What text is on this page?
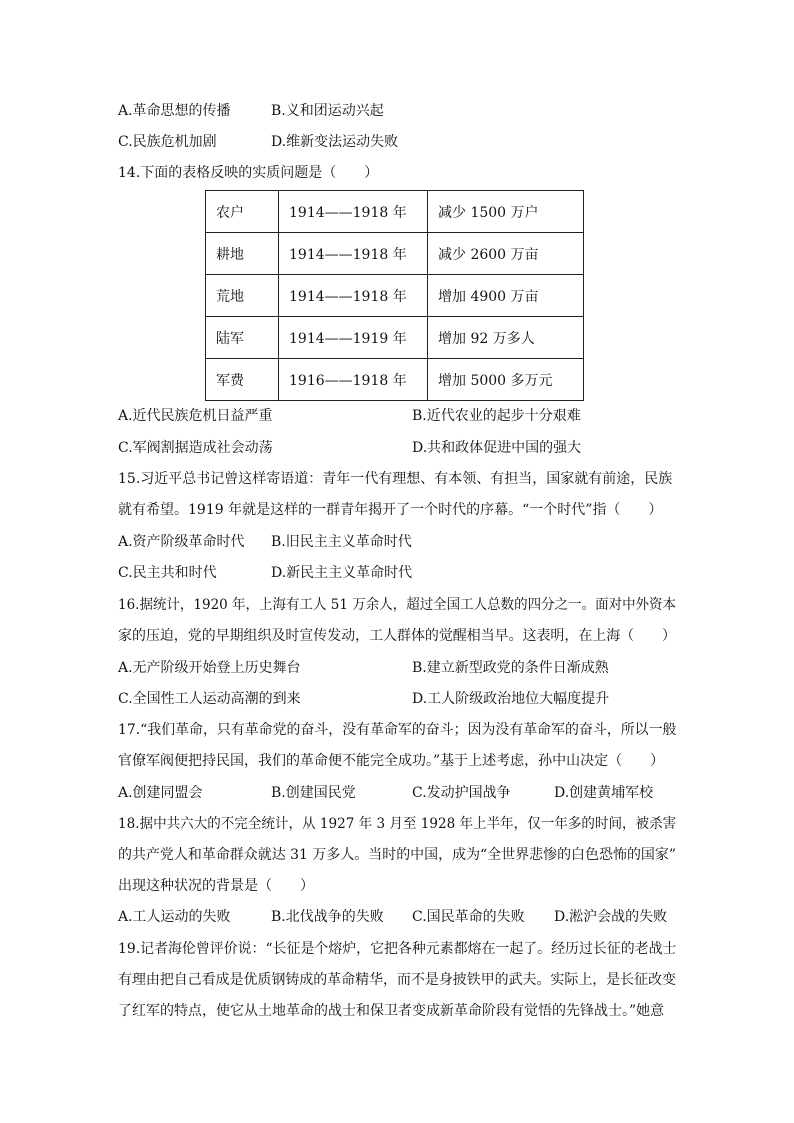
A.革命思想的传播	B.义和团运动兴起
C.民族危机加剧	D.维新变法运动失败
14.下面的表格反映的实质问题是（　　）
农户	1914——1918 年	减少 1500 万户
耕地	1914——1918 年	减少 2600 万亩
荒地	1914——1918 年	增加 4900 万亩
陆军	1914——1919 年	增加 92 万多人
军费	1916——1918 年	增加 5000 多万元
A.近代民族危机日益严重	B.近代农业的起步十分艰难
C.军阀割据造成社会动荡	D.共和政体促进中国的强大
15.习近平总书记曾这样寄语道：青年一代有理想、有本领、有担当，国家就有前途，民族
就有希望。1919 年就是这样的一群青年揭开了一个时代的序幕。“一个时代”指（　　）
A.资产阶级革命时代 B.旧民主主义革命时代
C.民主共和时代	D.新民主主义革命时代
16.据统计，1920 年，上海有工人 51 万余人，超过全国工人总数的四分之一。面对中外资本
家的压迫，党的早期组织及时宣传发动，工人群体的觉醒相当早。这表明，在上海（　　）
A.无产阶级开始登上历史舞台	B.建立新型政党的条件日渐成熟
C.全国性工人运动高潮的到来	D.工人阶级政治地位大幅度提升
17.“我们革命，只有革命党的奋斗，没有革命军的奋斗；因为没有革命军的奋斗，所以一般
官僚军阀便把持民国，我们的革命便不能完全成功。”基于上述考虑，孙中山决定（　　）
A.创建同盟会	B.创建国民党	C.发动护国战争	D.创建黄埔军校
18.据中共六大的不完全统计，从 1927 年 3 月至 1928 年上半年，仅一年多的时间，被杀害
的共产党人和革命群众就达 31 万多人。当时的中国，成为“全世界悲惨的白色恐怖的国家”
出现这种状况的背景是（　　）
A.工人运动的失败	B.北伐战争的失败 C.国民革命的失败 D.淞沪会战的失败
19.记者海伦曾评价说：“长征是个熔炉，它把各种元素都熔在一起了。经历过长征的老战士
有理由把自己看成是优质钢铸成的革命精华，而不是身披铁甲的武夫。实际上，是长征改变
了红军的特点，使它从土地革命的战士和保卫者变成新革命阶段有觉悟的先锋战士。”她意
